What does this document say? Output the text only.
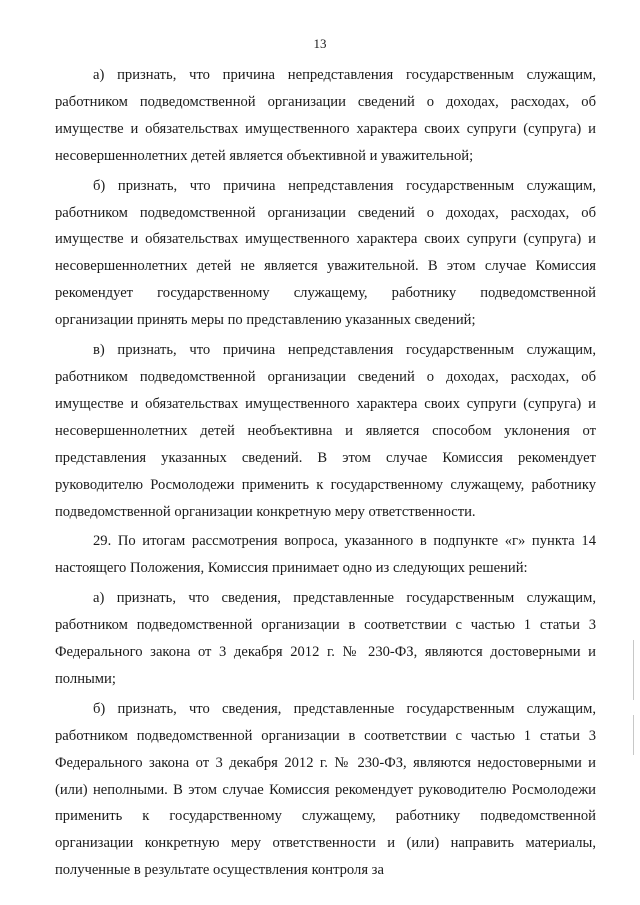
13

а) признать, что причина непредставления государственным служащим, работником подведомственной организации сведений о доходах, расходах, об имуществе и обязательствах имущественного характера своих супруги (супруга) и несовершеннолетних детей является объективной и уважительной;

б) признать, что причина непредставления государственным служащим, работником подведомственной организации сведений о доходах, расходах, об имуществе и обязательствах имущественного характера своих супруги (супруга) и несовершеннолетних детей не является уважительной. В этом случае Комиссия рекомендует государственному служащему, работнику подведомственной организации принять меры по представлению указанных сведений;

в) признать, что причина непредставления государственным служащим, работником подведомственной организации сведений о доходах, расходах, об имуществе и обязательствах имущественного характера своих супруги (супруга) и несовершеннолетних детей необъективна и является способом уклонения от представления указанных сведений. В этом случае Комиссия рекомендует руководителю Росмолодежи применить к государственному служащему, работнику подведомственной организации конкретную меру ответственности.

29. По итогам рассмотрения вопроса, указанного в подпункте «г» пункта 14 настоящего Положения, Комиссия принимает одно из следующих решений:

а) признать, что сведения, представленные государственным служащим, работником подведомственной организации в соответствии с частью 1 статьи 3 Федерального закона от 3 декабря 2012 г. № 230-ФЗ, являются достоверными и полными;

б) признать, что сведения, представленные государственным служащим, работником подведомственной организации в соответствии с частью 1 статьи 3 Федерального закона от 3 декабря 2012 г. № 230-ФЗ, являются недостоверными и (или) неполными. В этом случае Комиссия рекомендует руководителю Росмолодежи применить к государственному служащему, работнику подведомственной организации конкретную меру ответственности и (или) направить материалы, полученные в результате осуществления контроля за
